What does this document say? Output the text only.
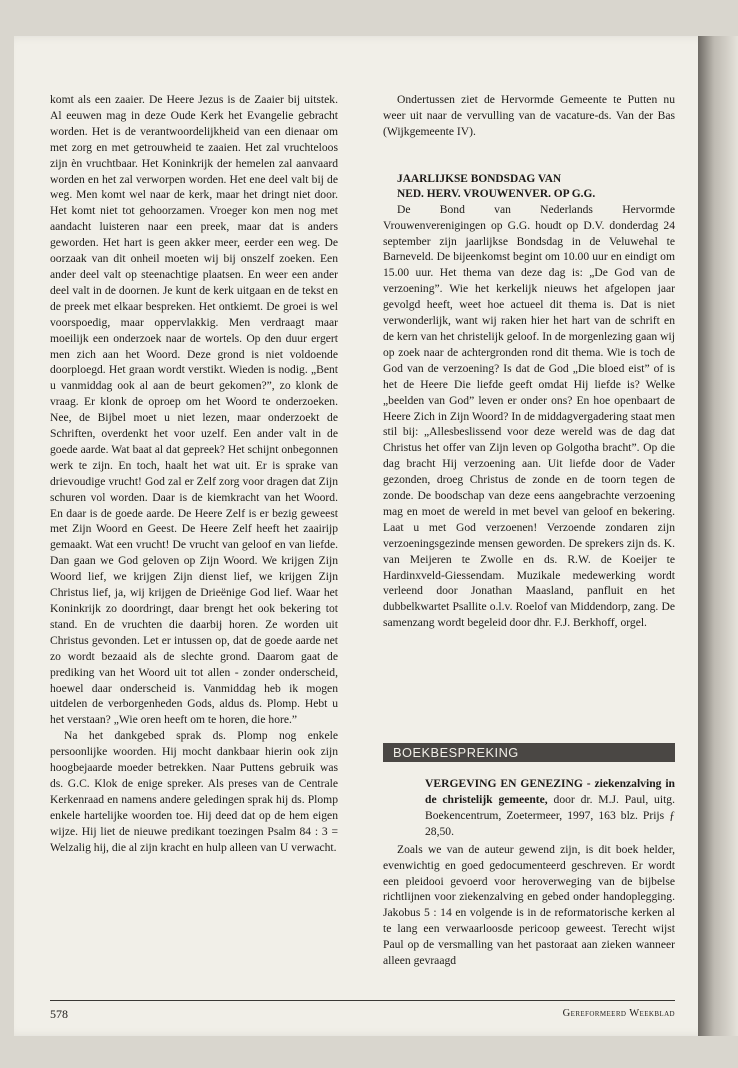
komt als een zaaier. De Heere Jezus is de Zaaier bij uitstek. Al eeuwen mag in deze Oude Kerk het Evangelie gebracht worden. Het is de verantwoordelijkheid van een dienaar om met zorg en met getrouwheid te zaaien. Het zal vruchteloos zijn èn vruchtbaar. Het Koninkrijk der hemelen zal aanvaard worden en het zal verworpen worden. Het ene deel valt bij de weg. Men komt wel naar de kerk, maar het dringt niet door. Het komt niet tot gehoorzamen. Vroeger kon men nog met aandacht luisteren naar een preek, maar dat is anders geworden. Het hart is geen akker meer, eerder een weg. De oorzaak van dit onheil moeten wij bij onszelf zoeken. Een ander deel valt op steenachtige plaatsen. En weer een ander deel valt in de doornen. Je kunt de kerk uitgaan en de tekst en de preek met elkaar bespreken. Het ontkiemt. De groei is wel voorspoedig, maar oppervlakkig. Men verdraagt maar moeilijk een onderzoek naar de wortels. Op den duur ergert men zich aan het Woord. Deze grond is niet voldoende doorploegd. Het graan wordt verstikt. Wieden is nodig. „Bent u vanmiddag ook al aan de beurt gekomen?”, zo klonk de vraag. Er klonk de oproep om het Woord te onderzoeken. Nee, de Bijbel moet u niet lezen, maar onderzoekt de Schriften, overdenkt het voor uzelf. Een ander valt in de goede aarde. Wat baat al dat gepreek? Het schijnt onbegonnen werk te zijn. En toch, haalt het wat uit. Er is sprake van drievoudige vrucht! God zal er Zelf zorg voor dragen dat Zijn schuren vol worden. Daar is de kiemkracht van het Woord. En daar is de goede aarde. De Heere Zelf is er bezig geweest met Zijn Woord en Geest. De Heere Zelf heeft het zaairijp gemaakt. Wat een vrucht! De vrucht van geloof en van liefde. Dan gaan we God geloven op Zijn Woord. We krijgen Zijn Woord lief, we krijgen Zijn dienst lief, we krijgen Zijn Christus lief, ja, wij krijgen de Drieënige God lief. Waar het Koninkrijk zo doordringt, daar brengt het ook bekering tot stand. En de vruchten die daarbij horen. Ze worden uit Christus gevonden. Let er intussen op, dat de goede aarde net zo wordt bezaaid als de slechte grond. Daarom gaat de prediking van het Woord uit tot allen - zonder onderscheid, hoewel daar onderscheid is. Vanmiddag heb ik mogen uitdelen de verborgenheden Gods, aldus ds. Plomp. Hebt u het verstaan? „Wie oren heeft om te horen, die hore.”

Na het dankgebed sprak ds. Plomp nog enkele persoonlijke woorden. Hij mocht dankbaar hierin ook zijn hoogbejaarde moeder betrekken. Naar Puttens gebruik was ds. G.C. Klok de enige spreker. Als preses van de Centrale Kerkenraad en namens andere geledingen sprak hij ds. Plomp enkele hartelijke woorden toe. Hij deed dat op de hem eigen wijze. Hij liet de nieuwe predikant toezingen Psalm 84 : 3 = Welzalig hij, die al zijn kracht en hulp alleen van U verwacht.

Ondertussen ziet de Hervormde Gemeente te Putten nu weer uit naar de vervulling van de vacature-ds. Van der Bas (Wijkgemeente IV).

JAARLIJKSE BONDSDAG VAN

NED. HERV. VROUWENVER. OP G.G.

De Bond van Nederlands Hervormde Vrouwenverenigingen op G.G. houdt op D.V. donderdag 24 september zijn jaarlijkse Bondsdag in de Veluwehal te Barneveld. De bijeenkomst begint om 10.00 uur en eindigt om 15.00 uur. Het thema van deze dag is: „De God van de verzoening”. Wie het kerkelijk nieuws het afgelopen jaar gevolgd heeft, weet hoe actueel dit thema is. Dat is niet verwonderlijk, want wij raken hier het hart van de schrift en de kern van het christelijk geloof. In de morgenlezing gaan wij op zoek naar de achtergronden rond dit thema. Wie is toch de God van de verzoening? Is dat de God „Die bloed eist” of is het de Heere Die liefde geeft omdat Hij liefde is? Welke „beelden van God” leven er onder ons? En hoe openbaart de Heere Zich in Zijn Woord? In de middagvergadering staat men stil bij: „Allesbeslissend voor deze wereld was de dag dat Christus het offer van Zijn leven op Golgotha bracht”. Op die dag bracht Hij verzoening aan. Uit liefde door de Vader gezonden, droeg Christus de zonde en de toorn tegen de zonde. De boodschap van deze eens aangebrachte verzoening mag en moet de wereld in met bevel van geloof en bekering. Laat u met God verzoenen! Verzoende zondaren zijn verzoeningsgezinde mensen geworden. De sprekers zijn ds. K. van Meijeren te Zwolle en ds. R.W. de Koeijer te Hardinxveld-Giessendam. Muzikale medewerking wordt verleend door Jonathan Maasland, panfluit en het dubbelkwartet Psallite o.l.v. Roelof van Middendorp, zang. De samenzang wordt begeleid door dhr. F.J. Berkhoff, orgel.

BOEKBESPREKING

VERGEVING EN GENEZING - ziekenzalving in de christelijk gemeente, door dr. M.J. Paul, uitg. Boekencentrum, Zoetermeer, 1997, 163 blz. Prijs ƒ 28,50.

Zoals we van de auteur gewend zijn, is dit boek helder, evenwichtig en goed gedocumenteerd geschreven. Er wordt een pleidooi gevoerd voor heroverweging van de bijbelse richtlijnen voor ziekenzalving en gebed onder handoplegging. Jakobus 5 : 14 en volgende is in de reformatorische kerken al te lang een verwaarloosde pericoop geweest. Terecht wijst Paul op de versmalling van het pastoraat aan zieken wanneer alleen gevraagd

578	Gereformeerd Weekblad
